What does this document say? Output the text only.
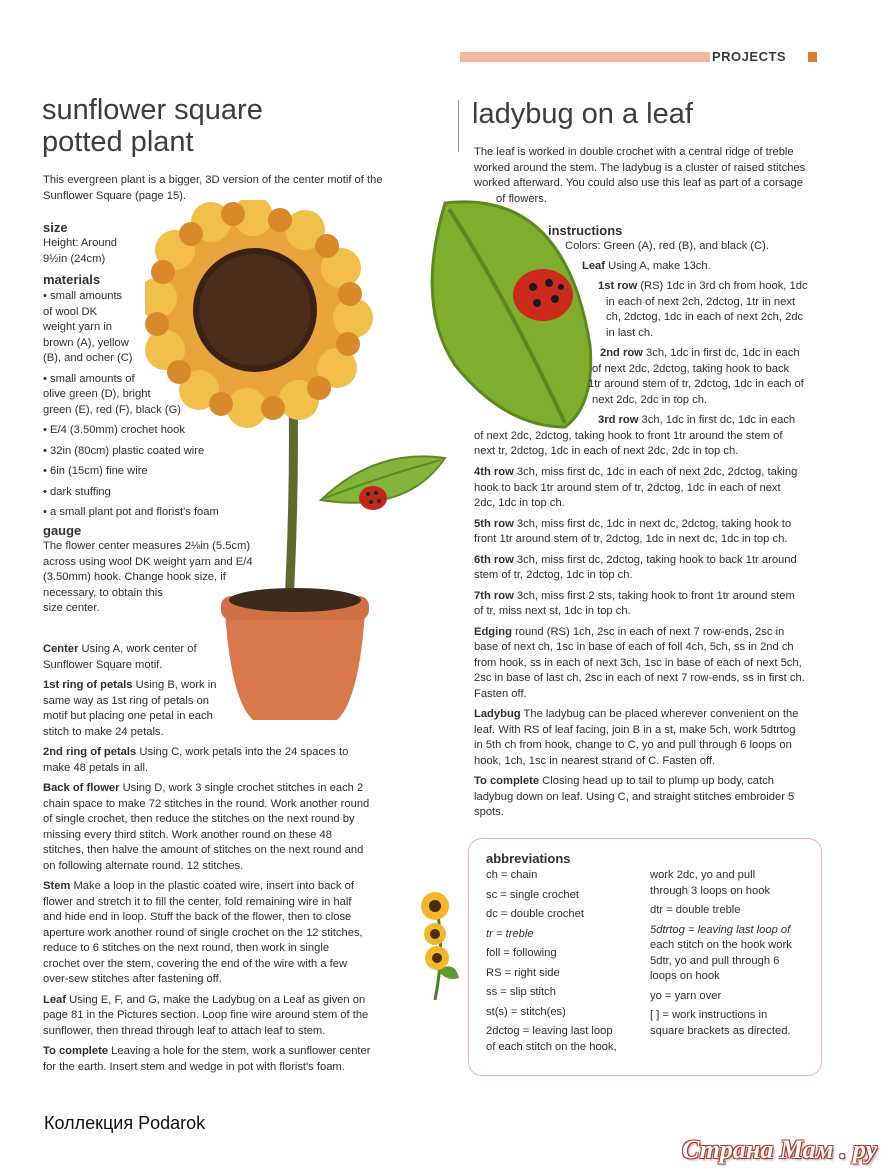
PROJECTS
sunflower square
potted plant

This evergreen plant is a bigger, 3D version of the center motif of the Sunflower Square (page 15).

size
Height: Around
9½in (24cm)
materials
• small amounts
of wool DK
weight yarn in
brown (A), yellow
(B), and ocher (C)
• small amounts of
olive green (D), bright
green (E), red (F), black (G)
• E/4 (3.50mm) crochet hook
• 32in (80cm) plastic coated wire
• 6in (15cm) fine wire
• dark stuffing
• a small plant pot and florist's foam
gauge
The flower center measures 2⅛in (5.5cm)
across using wool DK weight yarn and E/4
(3.50mm) hook. Change hook size, if
necessary, to obtain this
size center.
Center Using A, work center of
Sunflower Square motif.
1st ring of petals Using B, work in
same way as 1st ring of petals on
motif but placing one petal in each
stitch to make 24 petals.
2nd ring of petals Using C, work petals into the 24 spaces to
make 48 petals in all.
Back of flower Using D, work 3 single crochet stitches in each 2
chain space to make 72 stitches in the round. Work another round
of single crochet, then reduce the stitches on the next round by
missing every third stitch. Work another round on these 48
stitches, then halve the amount of stitches on the next round and
on following alternate round. 12 stitches.
Stem Make a loop in the plastic coated wire, insert into back of
flower and stretch it to fill the center, fold remaining wire in half
and hide end in loop. Stuff the back of the flower, then to close
aperture work another round of single crochet on the 12 stitches,
reduce to 6 stitches on the next round, then work in single
crochet over the stem, covering the end of the wire with a few
over-sew stitches after fastening off.
Leaf Using E, F, and G, make the Ladybug on a Leaf as given on
page 81 in the Pictures section. Loop fine wire around stem of the
sunflower, then thread through leaf to attach leaf to stem.
To complete Leaving a hole for the stem, work a sunflower center
for the earth. Insert stem and wedge in pot with florist's foam.
ladybug on a leaf
The leaf is worked in double crochet with a central ridge of treble
worked around the stem. The ladybug is a cluster of raised stitches
worked afterward. You could also use this leaf as part of a corsage
of flowers.
instructions
Colors: Green (A), red (B), and black (C).
Leaf Using A, make 13ch.
1st row (RS) 1dc in 3rd ch from hook, 1dc
in each of next 2ch, 2dctog, 1tr in next
ch, 2dctog, 1dc in each of next 2ch, 2dc
in last ch.
2nd row 3ch, 1dc in first dc, 1dc in each
of next 2dc, 2dctog, taking hook to back
1tr around stem of tr, 2dctog, 1dc in each of
next 2dc, 2dc in top ch.
3rd row 3ch, 1dc in first dc, 1dc in each
of next 2dc, 2dctog, taking hook to front 1tr around the stem of
next tr, 2dctog, 1dc in each of next 2dc, 2dc in top ch.
4th row 3ch, miss first dc, 1dc in each of next 2dc, 2dctog, taking
hook to back 1tr around stem of tr, 2dctog, 1dc in each of next
2dc, 1dc in top ch.
5th row 3ch, miss first dc, 1dc in next dc, 2dctog, taking hook to
front 1tr around stem of tr, 2dctog, 1dc in next dc, 1dc in top ch.
6th row 3ch, miss first dc, 2dctog, taking hook to back 1tr around
stem of tr, 2dctog, 1dc in top ch.
7th row 3ch, miss first 2 sts, taking hook to front 1tr around stem
of tr, miss next st, 1dc in top ch.
Edging round (RS) 1ch, 2sc in each of next 7 row-ends, 2sc in
base of next ch, 1sc in base of each of foll 4ch, 5ch, ss in 2nd ch
from hook, ss in each of next 3ch, 1sc in base of each of next 5ch,
2sc in base of last ch, 2sc in each of next 7 row-ends, ss in first ch.
Fasten off.
Ladybug The ladybug can be placed wherever convenient on the
leaf. With RS of leaf facing, join B in a st, make 5ch, work 5dtrtog
in 5th ch from hook, change to C, yo and pull through 6 loops on
hook, 1ch, 1sc in nearest strand of C. Fasten off.
To complete Closing head up to tail to plump up body, catch
ladybug down on leaf. Using C, and straight stitches embroider 5
spots.
abbreviations
ch = chain
sc = single crochet
dc = double crochet
tr = treble
foll = following
RS = right side
ss = slip stitch
st(s) = stitch(es)
2dctog = leaving last loop
of each stitch on the hook,
work 2dc, yo and pull
through 3 loops on hook
dtr = double treble
5dtrtog = leaving last loop of
each stitch on the hook work
5dtr, yo and pull through 6
loops on hook
yo = yarn over
[ ] = work instructions in
square brackets as directed.
Коллекция Podarok
Страна Мам . ру
